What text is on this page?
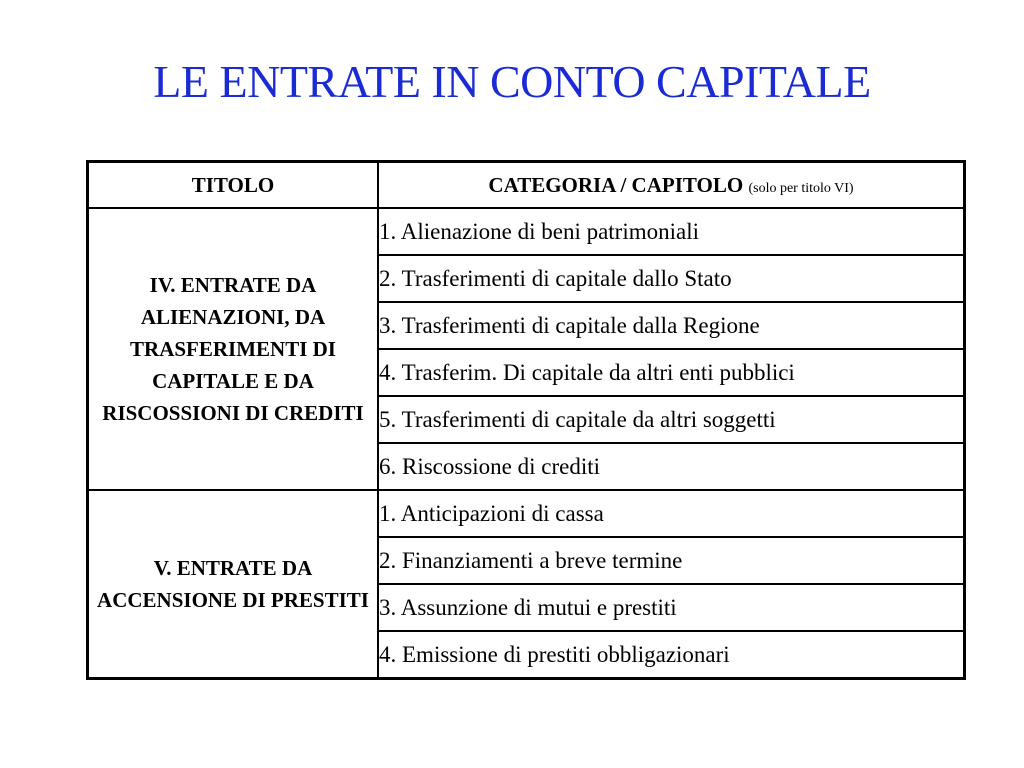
LE ENTRATE IN CONTO CAPITALE
TITOLO	CATEGORIA / CAPITOLO (solo per titolo VI)
IV. ENTRATE DA ALIENAZIONI, DA TRASFERIMENTI DI CAPITALE E DA RISCOSSIONI DI CREDITI	1. Alienazione di beni patrimoniali
	2. Trasferimenti di capitale dallo Stato
	3. Trasferimenti di capitale dalla Regione
	4. Trasferim. Di capitale da altri enti pubblici
	5. Trasferimenti di capitale da altri soggetti
	6. Riscossione di crediti
V. ENTRATE DA ACCENSIONE DI PRESTITI	1. Anticipazioni di cassa
	2. Finanziamenti a breve termine
	3. Assunzione di mutui e prestiti
	4. Emissione di prestiti obbligazionari
